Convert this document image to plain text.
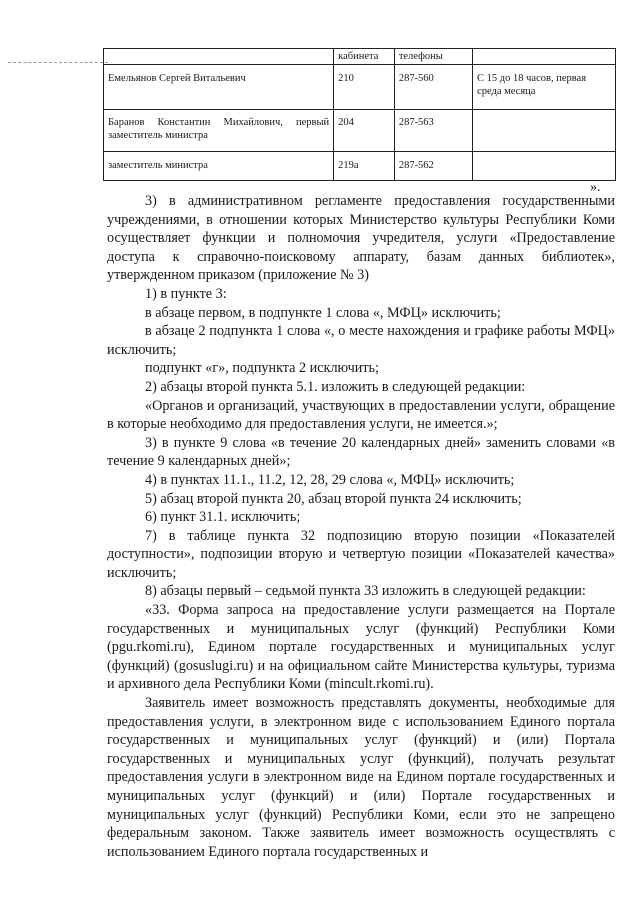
	кабинета	телефоны	
Емельянов Сергей Витальевич	210	287-560	С 15 до 18 часов, первая среда месяца
Баранов Константин Михайлович, первый заместитель министра	204	287-563	
заместитель министра	219а	287-562	
».

3) в административном регламенте предоставления государственными учреждениями, в отношении которых Министерство культуры Республики Коми осуществляет функции и полномочия учредителя, услуги «Предоставление доступа к справочно-поисковому аппарату, базам данных библиотек», утвержденном приказом (приложение № 3)

1) в пункте 3:

в абзаце первом, в подпункте 1 слова «, МФЦ» исключить;

в абзаце 2 подпункта 1 слова «, о месте нахождения и графике работы МФЦ» исключить;

подпункт «г», подпункта 2 исключить;

2) абзацы второй пункта 5.1. изложить в следующей редакции:

«Органов и организаций, участвующих в предоставлении услуги, обращение в которые необходимо для предоставления услуги, не имеется.»;

3) в пункте 9 слова «в течение 20 календарных дней» заменить словами «в течение 9 календарных дней»;

4) в пунктах 11.1., 11.2, 12, 28, 29 слова «, МФЦ» исключить;

5) абзац второй пункта 20, абзац второй пункта 24 исключить;

6) пункт 31.1. исключить;

7) в таблице пункта 32 подпозицию вторую позиции «Показателей доступности», подпозиции вторую и четвертую позиции «Показателей качества» исключить;

8) абзацы первый – седьмой пункта 33 изложить в следующей редакции:

«33. Форма запроса на предоставление услуги размещается на Портале государственных и муниципальных услуг (функций) Республики Коми (pgu.rkomi.ru), Едином портале государственных и муниципальных услуг (функций) (gosuslugi.ru) и на официальном сайте Министерства культуры, туризма и архивного дела Республики Коми (mincult.rkomi.ru).

Заявитель имеет возможность представлять документы, необходимые для предоставления услуги, в электронном виде с использованием Единого портала государственных и муниципальных услуг (функций) и (или) Портала государственных и муниципальных услуг (функций), получать результат предоставления услуги в электронном виде на Едином портале государственных и муниципальных услуг (функций) и (или) Портале государственных и муниципальных услуг (функций) Республики Коми, если это не запрещено федеральным законом. Также заявитель имеет возможность осуществлять с использованием Единого портала государственных и
